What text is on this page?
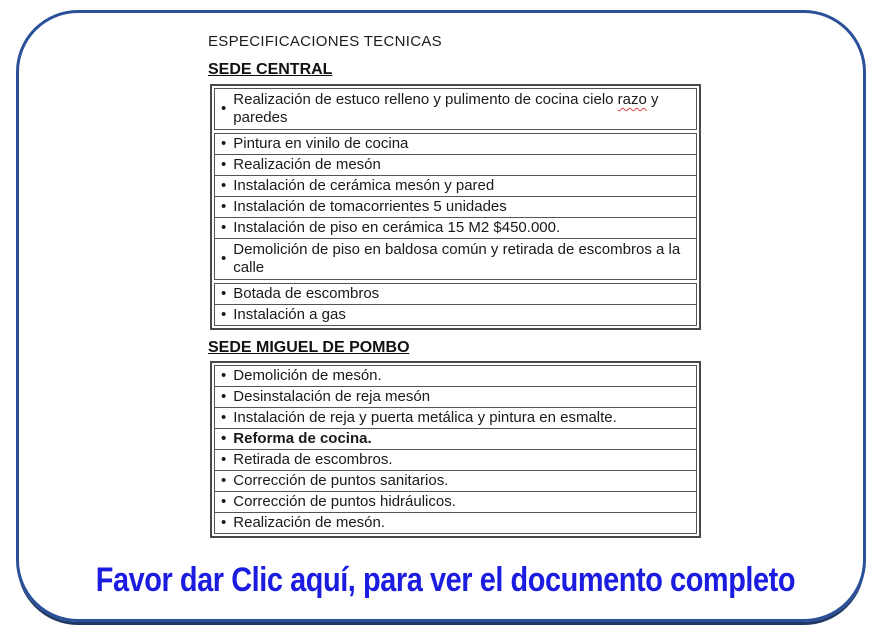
ESPECIFICACIONES TECNICAS
SEDE CENTRAL
•
Realización de estuco relleno y pulimento de cocina cielo razo y paredes
• Pintura en vinilo de cocina
• Realización de mesón
• Instalación de cerámica mesón y pared
• Instalación de tomacorrientes 5 unidades
• Instalación de piso en cerámica 15 M2 $450.000.
•
Demolición de piso en baldosa común y retirada de escombros a la calle
• Botada de escombros
• Instalación a gas
SEDE MIGUEL DE POMBO
• Demolición de mesón.
• Desinstalación de reja mesón
• Instalación de reja y puerta metálica y pintura en esmalte.
• Reforma de cocina.
• Retirada de escombros.
• Corrección de puntos sanitarios.
• Corrección de puntos hidráulicos.
• Realización de mesón.
Favor dar Clic aquí, para ver el documento completo
